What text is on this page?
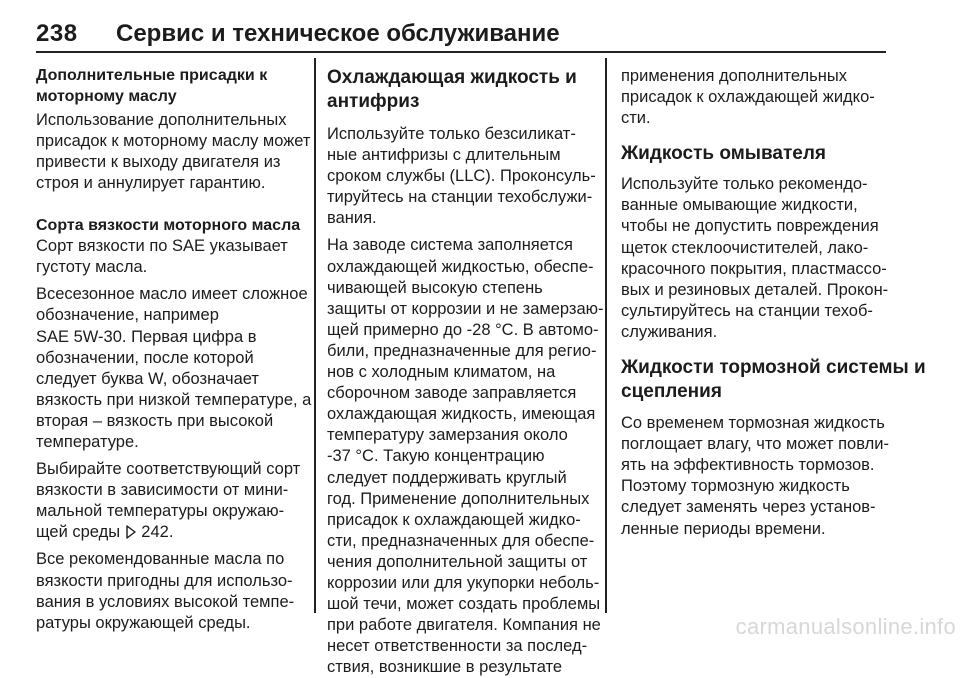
238 Сервис и техническое обслуживание

Дополнительные присадки к

моторному маслу

Использование дополнительных

присадок к моторному маслу может

привести к выходу двигателя из

строя и аннулирует гарантию.

Сорта вязкости моторного масла

Сорт вязкости по SAE указывает

густоту масла.

Всесезонное масло имеет сложное

обозначение, например

SAE 5W-30. Первая цифра в

обозначении, после которой

следует буква W, обозначает

вязкость при низкой температуре, а

вторая – вязкость при высокой

температуре.

Выбирайте соответствующий сорт

вязкости в зависимости от мини-

мальной температуры окружаю-

щей среды 242.

Все рекомендованные масла по

вязкости пригодны для использо-

вания в условиях высокой темпе-

ратуры окружающей среды.

Охлаждающая жидкость и

антифриз

Используйте только безсиликат-

ные антифризы с длительным

сроком службы (LLC). Проконсуль-

тируйтесь на станции техобслужи-

вания.

На заводе система заполняется

охлаждающей жидкостью, обеспе-

чивающей высокую степень

защиты от коррозии и не замерзаю-

щей примерно до -28 °C. В автомо-

били, предназначенные для регио-

нов с холодным климатом, на

сборочном заводе заправляется

охлаждающая жидкость, имеющая

температуру замерзания около

-37 °C. Такую концентрацию

следует поддерживать круглый

год. Применение дополнительных

присадок к охлаждающей жидко-

сти, предназначенных для обеспе-

чения дополнительной защиты от

коррозии или для укупорки неболь-

шой течи, может создать проблемы

при работе двигателя. Компания не

несет ответственности за послед-

ствия, возникшие в результате

применения дополнительных

присадок к охлаждающей жидко-

сти.

Жидкость омывателя

Используйте только рекомендо-

ванные омывающие жидкости,

чтобы не допустить повреждения

щеток стеклоочистителей, лако-

красочного покрытия, пластмассо-

вых и резиновых деталей. Прокон-

сультируйтесь на станции техоб-

служивания.

Жидкости тормозной системы и

сцепления

Со временем тормозная жидкость

поглощает влагу, что может повли-

ять на эффективность тормозов.

Поэтому тормозную жидкость

следует заменять через установ-

ленные периоды времени.

carmanualsonline.info
